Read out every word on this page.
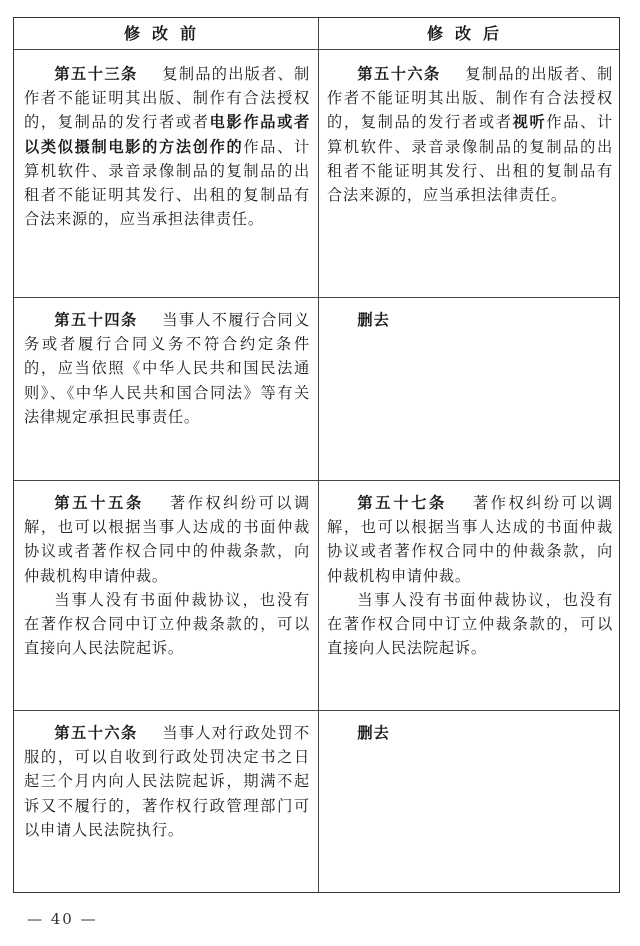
修改前	修改后

第五十三条 复制品的出版者、制作者不能证明其出版、制作有合法授权的，复制品的发行者或者电影作品或者以类似摄制电影的方法创作的作品、计算机软件、录音录像制品的复制品的出租者不能证明其发行、出租的复制品有合法来源的，应当承担法律责任。

第五十六条 复制品的出版者、制作者不能证明其出版、制作有合法授权的，复制品的发行者或者视听作品、计算机软件、录音录像制品的复制品的出租者不能证明其发行、出租的复制品有合法来源的，应当承担法律责任。

第五十四条 当事人不履行合同义务或者履行合同义务不符合约定条件的，应当依照《中华人民共和国民法通则》、《中华人民共和国合同法》等有关法律规定承担民事责任。

删去

第五十五条 著作权纠纷可以调解，也可以根据当事人达成的书面仲裁协议或者著作权合同中的仲裁条款，向仲裁机构申请仲裁。

当事人没有书面仲裁协议，也没有在著作权合同中订立仲裁条款的，可以直接向人民法院起诉。

第五十七条 著作权纠纷可以调解，也可以根据当事人达成的书面仲裁协议或者著作权合同中的仲裁条款，向仲裁机构申请仲裁。

当事人没有书面仲裁协议，也没有在著作权合同中订立仲裁条款的，可以直接向人民法院起诉。

第五十六条 当事人对行政处罚不服的，可以自收到行政处罚决定书之日起三个月内向人民法院起诉，期满不起诉又不履行的，著作权行政管理部门可以申请人民法院执行。

删去

— 40 —
